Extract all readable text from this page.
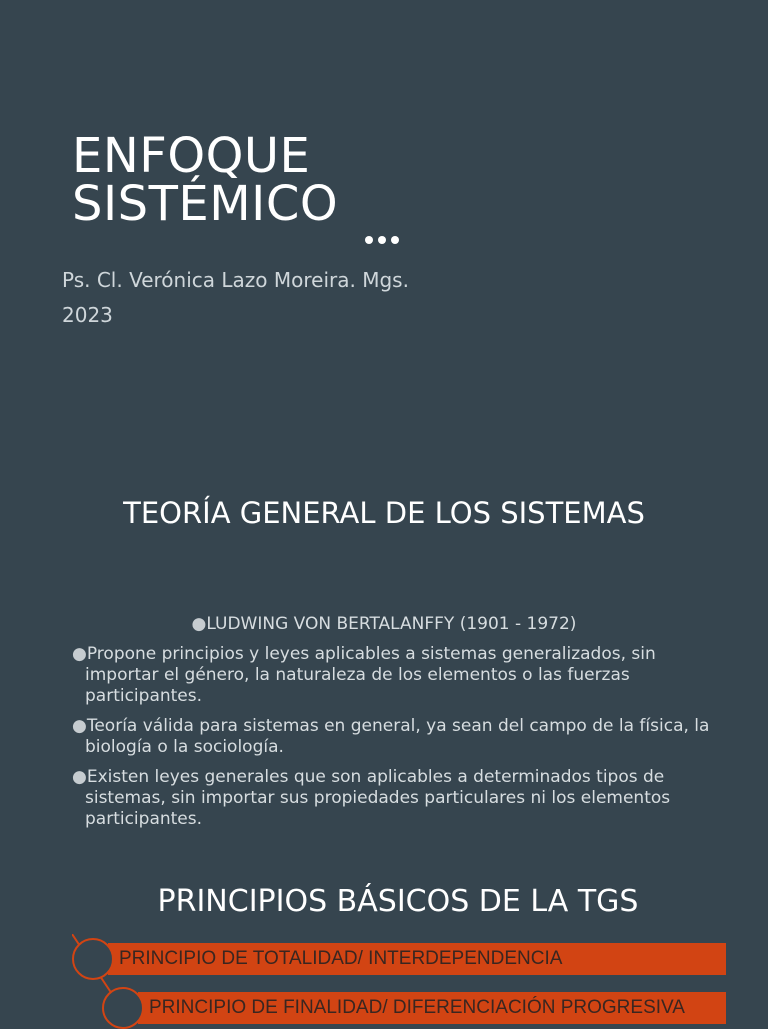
ENFOQUE
SISTÉMICO
Ps. Cl. Verónica Lazo Moreira. Mgs.
2023
TEORÍA GENERAL DE LOS SISTEMAS
●LUDWING VON BERTALANFFY (1901 - 1972)
●Propone principios y leyes aplicables a sistemas generalizados, sin importar el género, la naturaleza de los elementos o las fuerzas participantes.
●Teoría válida para sistemas en general, ya sean del campo de la física, la biología o la sociología.
●Existen leyes generales que son aplicables a determinados tipos de sistemas, sin importar sus propiedades particulares ni los elementos participantes.
PRINCIPIOS BÁSICOS DE LA TGS
PRINCIPIO DE TOTALIDAD/ INTERDEPENDENCIA
PRINCIPIO DE FINALIDAD/ DIFERENCIACIÓN PROGRESIVA
